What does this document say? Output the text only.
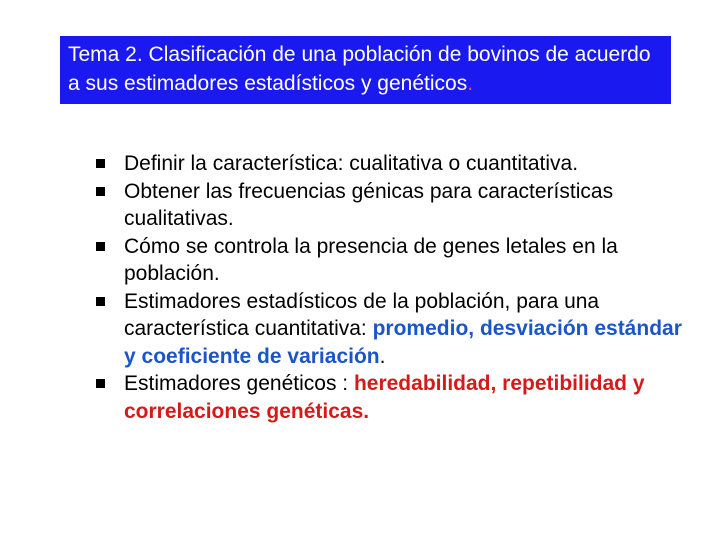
Tema 2. Clasificación de una población de bovinos de acuerdo a sus estimadores estadísticos y genéticos.

Definir la característica: cualitativa o cuantitativa.
Obtener las frecuencias génicas para características cualitativas.
Cómo se controla la presencia de genes letales en la población.
Estimadores estadísticos de la población, para una característica cuantitativa: promedio, desviación estándar y coeficiente de variación.
Estimadores genéticos : heredabilidad, repetibilidad y correlaciones genéticas.
